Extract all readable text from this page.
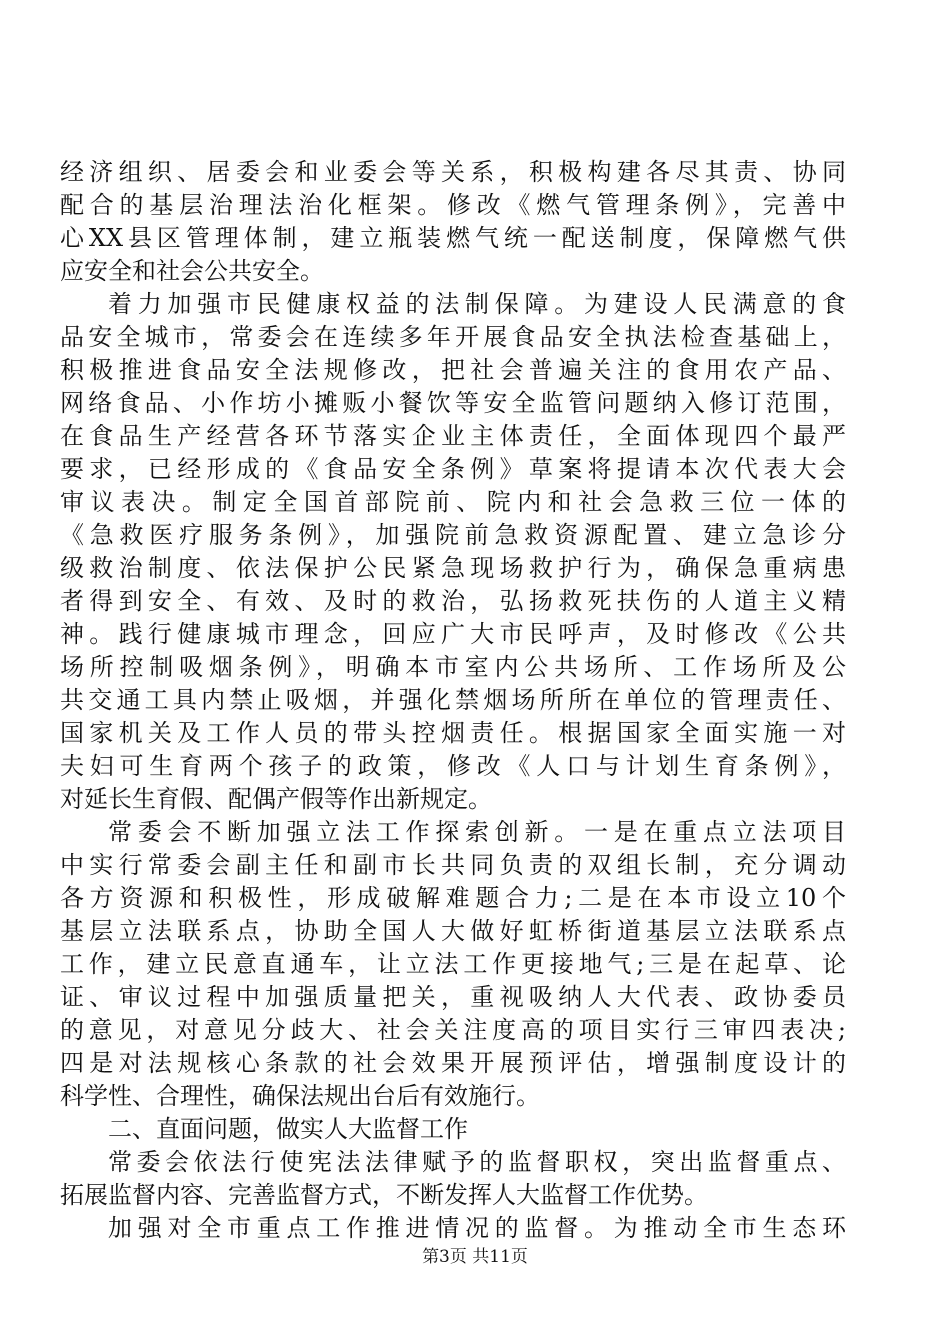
经济组织、居委会和业委会等关系，积极构建各尽其责、协同
配合的基层治理法治化框架。修改《燃气管理条例》，完善中
心XX县区管理体制，建立瓶装燃气统一配送制度，保障燃气供
应安全和社会公共安全。
着力加强市民健康权益的法制保障。为建设人民满意的食
品安全城市，常委会在连续多年开展食品安全执法检查基础上，
积极推进食品安全法规修改，把社会普遍关注的食用农产品、
网络食品、小作坊小摊贩小餐饮等安全监管问题纳入修订范围，
在食品生产经营各环节落实企业主体责任，全面体现四个最严
要求，已经形成的《食品安全条例》草案将提请本次代表大会
审议表决。制定全国首部院前、院内和社会急救三位一体的
《急救医疗服务条例》，加强院前急救资源配置、建立急诊分
级救治制度、依法保护公民紧急现场救护行为，确保急重病患
者得到安全、有效、及时的救治，弘扬救死扶伤的人道主义精
神。践行健康城市理念，回应广大市民呼声，及时修改《公共
场所控制吸烟条例》，明确本市室内公共场所、工作场所及公
共交通工具内禁止吸烟，并强化禁烟场所所在单位的管理责任、
国家机关及工作人员的带头控烟责任。根据国家全面实施一对
夫妇可生育两个孩子的政策，修改《人口与计划生育条例》，
对延长生育假、配偶产假等作出新规定。
常委会不断加强立法工作探索创新。一是在重点立法项目
中实行常委会副主任和副市长共同负责的双组长制，充分调动
各方资源和积极性，形成破解难题合力;二是在本市设立10个
基层立法联系点，协助全国人大做好虹桥街道基层立法联系点
工作，建立民意直通车，让立法工作更接地气;三是在起草、论
证、审议过程中加强质量把关，重视吸纳人大代表、政协委员
的意见，对意见分歧大、社会关注度高的项目实行三审四表决;
四是对法规核心条款的社会效果开展预评估，增强制度设计的
科学性、合理性，确保法规出台后有效施行。
二、直面问题，做实人大监督工作
常委会依法行使宪法法律赋予的监督职权，突出监督重点、
拓展监督内容、完善监督方式，不断发挥人大监督工作优势。
加强对全市重点工作推进情况的监督。为推动全市生态环
第3页 共11页
